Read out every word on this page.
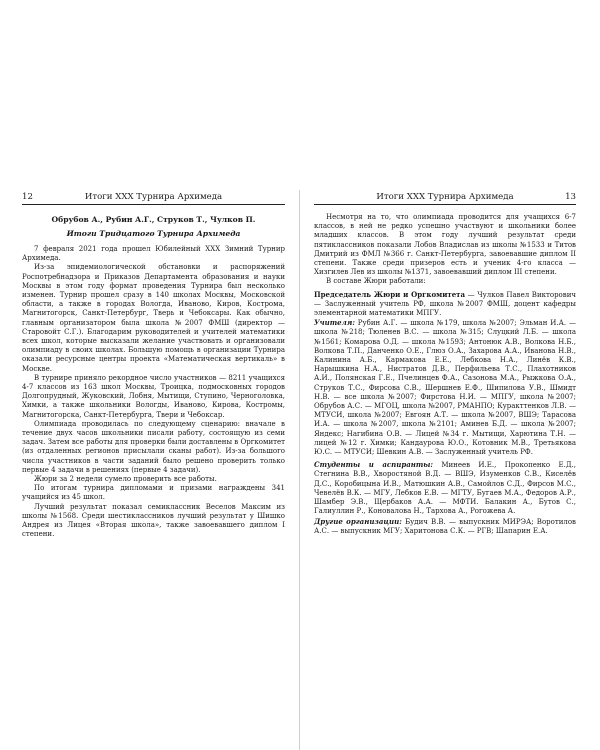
12	Итоги XXX Турнира Архимеда
Обрубов А., Рубин А.Г., Струков Т., Чулков П.
Итоги Тридцатого Турнира Архимеда

7 февраля 2021 года прошел Юбилейный XXX Зимний Турнир Архимеда.

Из-за эпидемиологической обстановки и распоряжений Роспотребнадзора и Приказов Департамента образования и науки Москвы в этом году формат проведения Турнира был несколько изменен. Турнир прошел сразу в 140 школах Москвы, Московской области, а также в городах Вологда, Иваново, Киров, Кострома, Магнитогорск, Санкт-Петербург, Тверь и Чебоксары. Как обычно, главным организатором была школа №2007 ФМШ (директор — Старовойт С.Г.). Благодарим руководителей и учителей математики всех школ, которые высказали желание участвовать и организовали олимпиаду в своих школах. Большую помощь в организации Турнира оказали ресурсные центры проекта «Математическая вертикаль» в Москве.

В турнире приняло рекордное число участников — 8211 учащихся 4-7 классов из 163 школ Москвы, Троицка, подмосковных городов Долгопрудный, Жуковский, Лобня, Мытищи, Ступино, Черноголовка, Химки, а также школьники Вологды, Иваново, Кирова, Костромы, Магнитогорска, Санкт-Петербурга, Твери и Чебоксар.

Олимпиада проводилась по следующему сценарию: вначале в течение двух часов школьники писали работу, состоящую из семи задач. Затем все работы для проверки были доставлены в Оргкомитет (из отдаленных регионов присылали сканы работ). Из-за большого числа участников в части заданий было решено проверить только первые 4 задачи в решениях (первые 4 задачи).

Жюри за 2 недели сумело проверить все работы.

По итогам турнира дипломами и призами награждены 341 учащийся из 45 школ.

Лучший результат показал семиклассник Веселов Максим из школы №1568. Среди шестиклассников лучший результат у Шишко Андрея из Лицея «Вторая школа», также завоевавшего диплом I степени.

Итоги XXX Турнира Архимеда	13

Несмотря на то, что олимпиада проводится для учащихся 6-7 классов, в ней не редко успешно участвуют и школьники более младших классов. В этом году лучший результат среди пятиклассников показали Лобов Владислав из школы №1533 и Титов Дмитрий из ФМЛ №366 г. Санкт-Петербурга, завоевавшие диплом II степени. Также среди призеров есть и ученик 4-го класса — Хизгилев Лев из школы №1371, завоевавший диплом III степени.

В составе Жюри работали:

Председатель Жюри и Оргкомитета — Чулков Павел Викторович — Заслуженный учитель РФ, школа №2007 ФМШ, доцент кафедры элементарной математики МПГУ.

Учителя: Рубин А.Г. — школа №179, школа №2007; Эльман И.А. — школа №218; Тюленев В.С. — школа №315; Слуцкий Л.Б. — школа №1561; Комарова О.Д. — школа №1593; Антонюк А.В., Волкова Н.Б., Волкова Т.П., Данченко О.Е., Глюз О.А., Захарова А.А., Иванова Н.В., Калинина А.Б., Кармакова Е.Е., Лебкова Н.А., Линёв К.В., Нарышкина Н.А., Нистратов Д.В., Перфильева Т.С., Плахотников А.И., Полянская Г.Е., Пчелинцев Ф.А., Сазонова М.А., Рыжкова О.А., Струков Т.С., Фирсова С.В., Шершнев Е.Ф., Шипилова У.В., Шмидт Н.В. — все школа №2007; Фирстова Н.И. — МПГУ, школа №2007; Обрубов А.С. — МГОЦ, школа №2007, РМАНПО; Куракттенков Л.В. — МТУСИ, школа №2007; Евгоян А.Т. — школа №2007, ВШЭ; Тарасова И.А. — школа №2007, школа №2101; Аминев Б.Д. — школа №2007; Яндекс; Нагибина О.В. — Лицей №34 г. Мытищи, Харютина Т.Н. — лицей №12 г. Химки; Кандаурова Ю.О., Котовник М.В., Третьякова Ю.С. — МТУСИ; Шевкин А.В. — Заслуженный учитель РФ.

Студенты и аспиранты: Минеев И.Е., Прокопенко Е.Д., Стегнина В.В., Хворостяной В.Д. — ВШЭ, Изуменков С.В., Киселёв Д.С., Коробицына И.В., Матюшкин А.В., Самойлов С.Д., Фирсов М.С., Чевелёв В.К. — МГУ, Лебков Е.В. — МГТУ, Бугаев М.А., Федоров А.Р., Шамбер Э.В., Щербаков А.А. — МФТИ. Балакин А., Бутов С., Галиуллин Р., Коновалова Н., Тархова А., Рогожева А.

Другие организации: Будич В.В. — выпускник МИРЭА; Воротилов А.С. — выпускник МГУ; Харитонова С.К. — РГВ; Шапарин Е.А.
